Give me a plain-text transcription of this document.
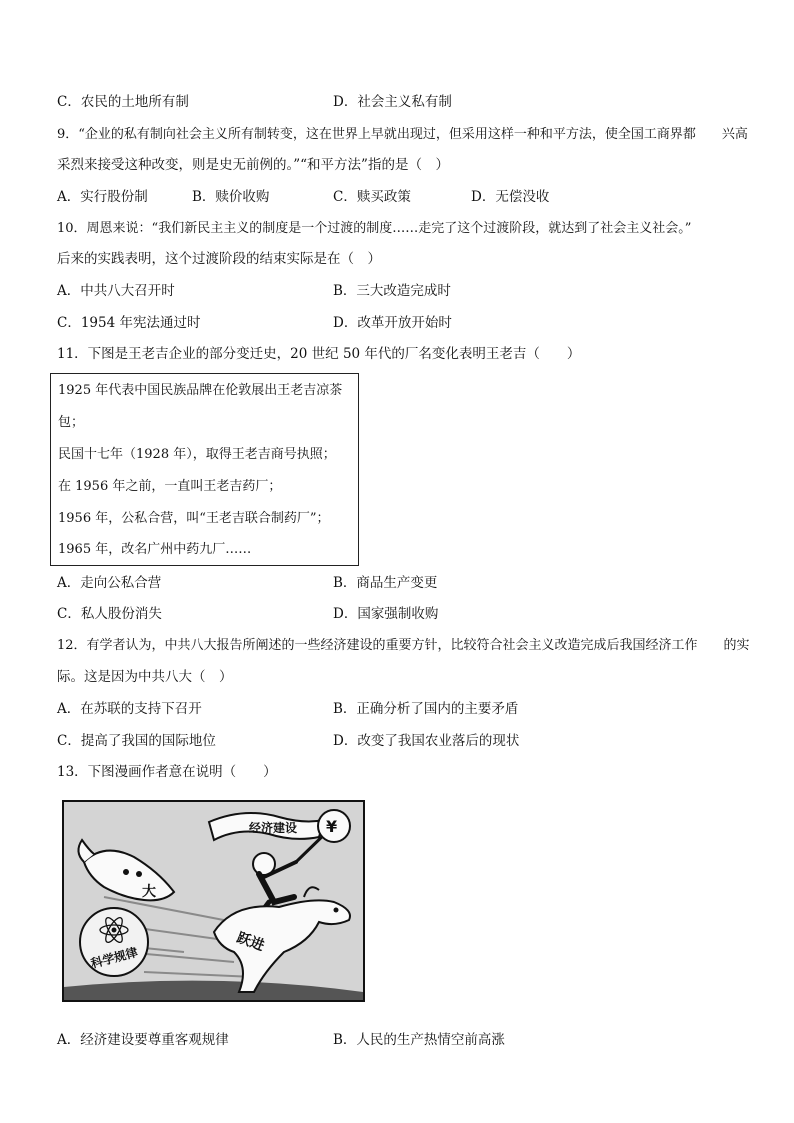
C．农民的土地所有制	D．社会主义私有制
9．“企业的私有制向社会主义所有制转变，这在世界上早就出现过，但采用这样一种和平方法，使全国工商界都　　兴高
采烈来接受这种改变，则是史无前例的。”“和平方法”指的是（　）
A．实行股份制	B．赎价收购	C．赎买政策	D．无偿没收
10．周恩来说：“我们新民主主义的制度是一个过渡的制度……走完了这个过渡阶段，就达到了社会主义社会。”
后来的实践表明，这个过渡阶段的结束实际是在（　）
A．中共八大召开时	B．三大改造完成时
C．1954 年宪法通过时	D．改革开放开始时
11．下图是王老吉企业的部分变迁史，20 世纪 50 年代的厂名变化表明王老吉（　　）
1925 年代表中国民族品牌在伦敦展出王老吉凉茶
包；
民国十七年（1928 年），取得王老吉商号执照；
在 1956 年之前，一直叫王老吉药厂；
1956 年，公私合营，叫“王老吉联合制药厂”；
1965 年，改名广州中药九厂……
A．走向公私合营	B．商品生产变更
C．私人股份消失	D．国家强制收购
12．有学者认为，中共八大报告所阐述的一些经济建设的重要方针，比较符合社会主义改造完成后我国经济工作　　的实
际。这是因为中共八大（　）
A．在苏联的支持下召开	B．正确分析了国内的主要矛盾
C．提高了我国的国际地位	D．改变了我国农业落后的现状
13．下图漫画作者意在说明（　　）
大
科学规律
经济建设 ¥
跃进
A．经济建设要尊重客观规律	B．人民的生产热情空前高涨
